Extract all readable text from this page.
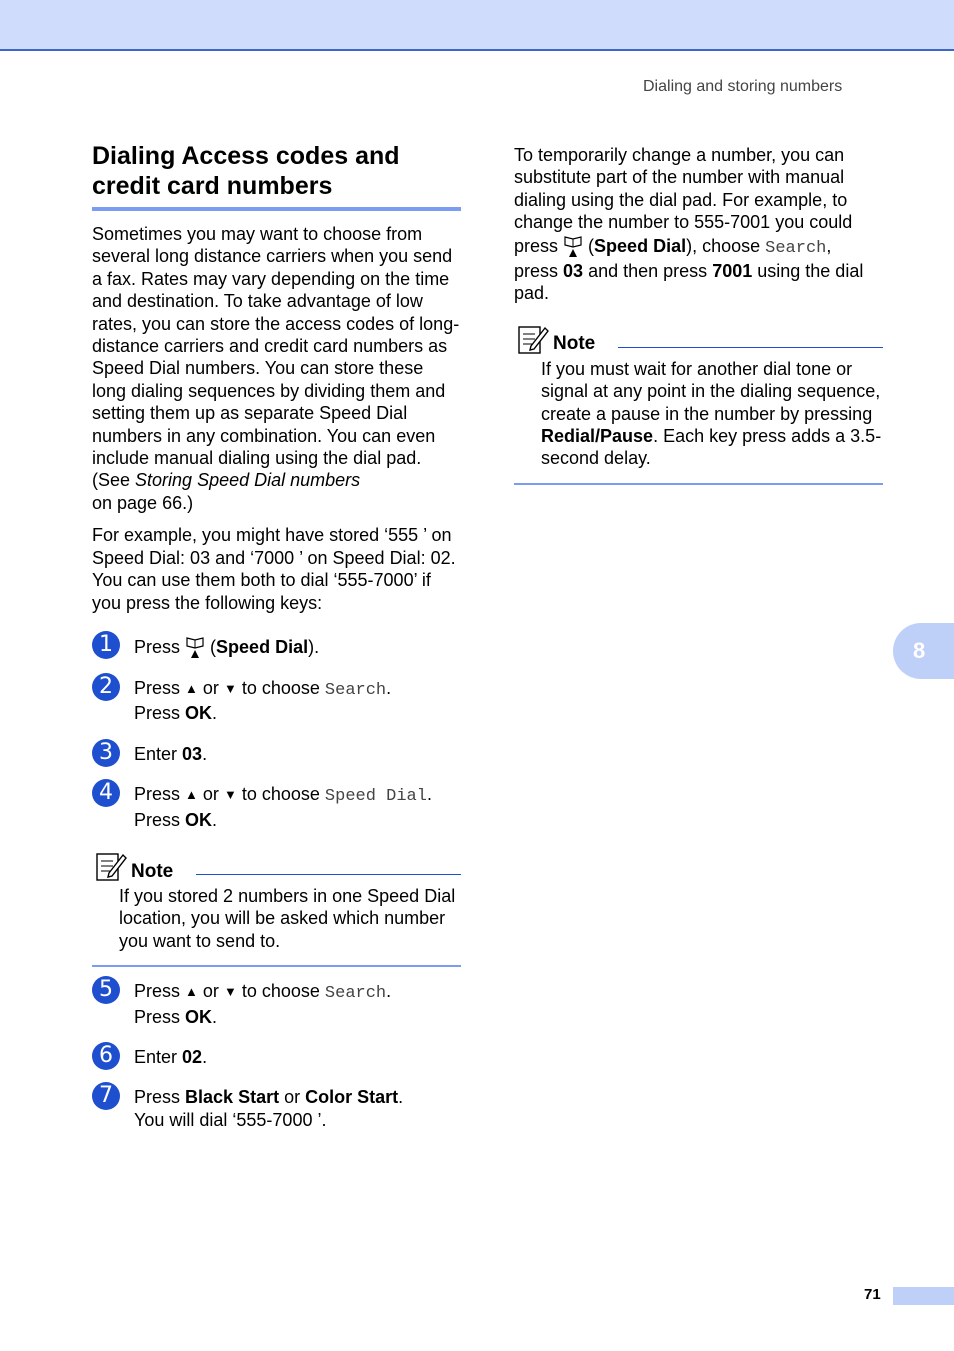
Dialing and storing numbers
Dialing Access codes and
credit card numbers

Sometimes you may want to choose from several long distance carriers when you send a fax. Rates may vary depending on the time and destination. To take advantage of low rates, you can store the access codes of long-distance carriers and credit card numbers as Speed Dial numbers. You can store these long dialing sequences by dividing them and setting them up as separate Speed Dial numbers in any combination. You can even include manual dialing using the dial pad. (See Storing Speed Dial numbers
on page 66.)

For example, you might have stored ‘555 ’ on Speed Dial: 03 and ‘7000 ’ on Speed Dial: 02. You can use them both to dial ‘555-7000’ if you press the following keys:

1	Press (Speed Dial).
2	Press ▲ or ▼ to choose Search.
Press OK.
3	Enter 03.
4	Press ▲ or ▼ to choose Speed Dial.
Press OK.
Note

If you stored 2 numbers in one Speed Dial location, you will be asked which number you want to send to.

5	Press ▲ or ▼ to choose Search.
Press OK.
6	Enter 02.
7	Press Black Start or Color Start.
You will dial ‘555-7000 ’.

To temporarily change a number, you can substitute part of the number with manual dialing using the dial pad. For example, to change the number to 555-7001 you could
press (Speed Dial), choose Search,
press 03 and then press 7001 using the dial pad.

Note

If you must wait for another dial tone or signal at any point in the dialing sequence, create a pause in the number by pressing Redial/Pause. Each key press adds a 3.5-second delay.

8
71
